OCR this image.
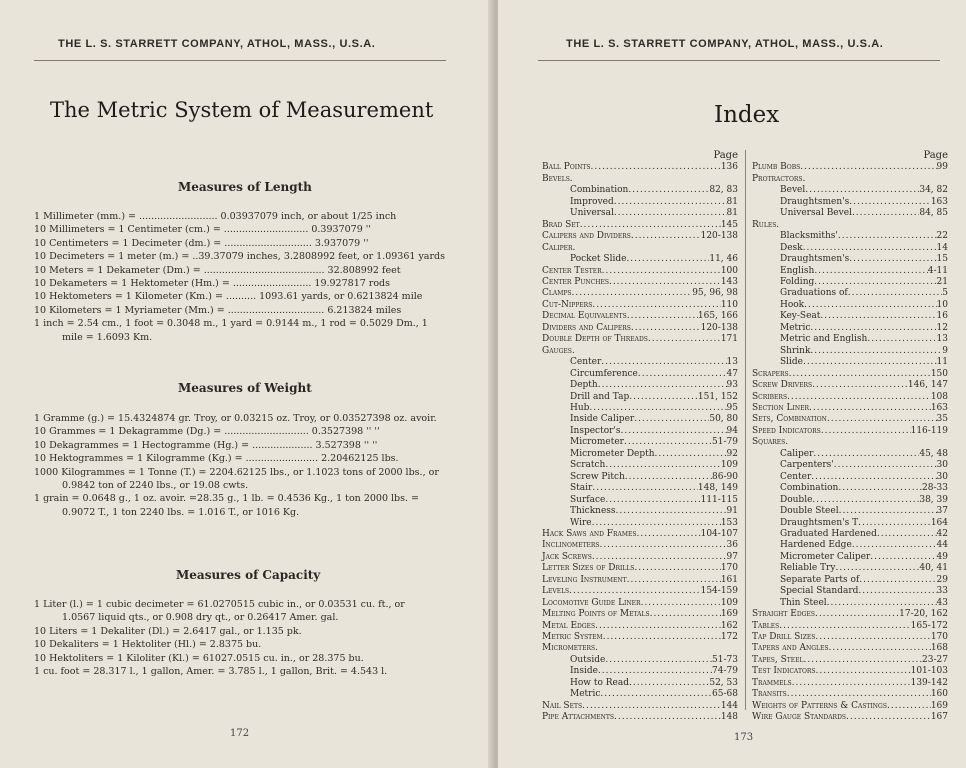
THE L. S. STARRETT COMPANY, ATHOL, MASS., U.S.A.
The Metric System of Measurement
Measures of Length
1 Millimeter (mm.) = .......................... 0.03937079 inch, or about 1/25 inch
10 Millimeters = 1 Centimeter (cm.) = ............................ 0.3937079 ''
10 Centimeters = 1 Decimeter (dm.) = ............................. 3.937079 ''
10 Decimeters = 1 meter (m.) = ..39.37079 inches, 3.2808992 feet, or 1.09361 yards
10 Meters = 1 Dekameter (Dm.) = ........................................ 32.808992 feet
10 Dekameters = 1 Hektometer (Hm.) = .......................... 19.927817 rods
10 Hektometers = 1 Kilometer (Km.) = .......... 1093.61 yards, or 0.6213824 mile
10 Kilometers = 1 Myriameter (Mm.) = ................................ 6.213824 miles
1 inch = 2.54 cm., 1 foot = 0.3048 m., 1 yard = 0.9144 m., 1 rod = 0.5029 Dm., 1
mile = 1.6093 Km.
Measures of Weight
1 Gramme (g.) = 15.4324874 gr. Troy, or 0.03215 oz. Troy, or 0.03527398 oz. avoir.
10 Grammes = 1 Dekagramme (Dg.) = ............................ 0.3527398 '' ''
10 Dekagrammes = 1 Hectogramme (Hg.) = .................... 3.527398 '' ''
10 Hektogrammes = 1 Kilogramme (Kg.) = ........................ 2.20462125 lbs.
1000 Kilogrammes = 1 Tonne (T.) = 2204.62125 lbs., or 1.1023 tons of 2000 lbs., or
0.9842 ton of 2240 lbs., or 19.08 cwts.
1 grain = 0.0648 g., 1 oz. avoir. =28.35 g., 1 lb. = 0.4536 Kg., 1 ton 2000 lbs. =
0.9072 T., 1 ton 2240 lbs. = 1.016 T., or 1016 Kg.
Measures of Capacity
1 Liter (l.) = 1 cubic decimeter = 61.0270515 cubic in., or 0.03531 cu. ft., or
1.0567 liquid qts., or 0.908 dry qt., or 0.26417 Amer. gal.
10 Liters = 1 Dekaliter (Dl.) = 2.6417 gal., or 1.135 pk.
10 Dekaliters = 1 Hektoliter (Hl.) = 2.8375 bu.
10 Hektoliters = 1 Kiloliter (Kl.) = 61027.0515 cu. in., or 28.375 bu.
1 cu. foot = 28.317 l., 1 gallon, Amer. = 3.785 l., 1 gallon, Brit. = 4.543 l.
172
THE L. S. STARRETT COMPANY, ATHOL, MASS., U.S.A.
Index
173
Page
Ball Points .....	136
Bevels.
Combination .....	82, 83
Improved .....	81
Universal .....	81
Brad Set .....	145
Calipers and Dividers .....	120-138
Caliper.
Pocket Slide .....	11, 46
Center Tester .....	100
Center Punches .....	143
Clamps .....	95, 96, 98
Cut-Nippers .....	110
Decimal Equivalents .....	165, 166
Dividers and Calipers .....	120-138
Double Depth of Threads .....	171
Gauges.
Center .....	13
Circumference .....	47
Depth .....	93
Drill and Tap .....	151, 152
Hub .....	95
Inside Caliper .....	50, 80
Inspector's .....	94
Micrometer .....	51-79
Micrometer Depth .....	92
Scratch .....	109
Screw Pitch .....	86-90
Stair .....	148, 149
Surface .....	111-115
Thickness .....	91
Wire .....	153
Hack Saws and Frames .....	104-107
Inclinometers .....	36
Jack Screws .....	97
Letter Sizes of Drills .....	170
Leveling Instrument .....	161
Levels .....	154-159
Locomotive Guide Liner .....	109
Melting Points of Metals .....	169
Metal Edges .....	162
Metric System .....	172
Micrometers.
Outside .....	51-73
Inside .....	74-79
How to Read .....	52, 53
Metric .....	65-68
Nail Sets .....	144
Pipe Attachments .....	148
Page
Plumb Bobs .....	99
Protractors.
Bevel .....	34, 82
Draughtsmen's .....	163
Universal Bevel .....	84, 85
Rules.
Blacksmiths' .....	22
Desk .....	14
Draughtsmen's .....	15
English .....	4-11
Folding .....	21
Graduations of .....	5
Hook .....	10
Key-Seat .....	16
Metric .....	12
Metric and English .....	13
Shrink .....	9
Slide .....	11
Scrapers .....	150
Screw Drivers .....	146, 147
Scribers .....	108
Section Liner .....	163
Sets, Combination .....	35
Speed Indicators .....	116-119
Squares.
Caliper .....	45, 48
Carpenters' .....	30
Center .....	30
Combination .....	28-33
Double .....	38, 39
Double Steel .....	37
Draughtsmen's T .....	164
Graduated Hardened .....	42
Hardened Edge .....	44
Micrometer Caliper .....	49
Reliable Try .....	40, 41
Separate Parts of .....	29
Special Standard .....	33
Thin Steel .....	43
Straight Edges .....	17-20, 162
Tables .....	165-172
Tap Drill Sizes .....	170
Tapers and Angles .....	168
Tapes, Steel .....	23-27
Test Indicators .....	101-103
Trammels .....	139-142
Transits .....	160
Weights of Patterns & Castings .....	169
Wire Gauge Standards .....	167
